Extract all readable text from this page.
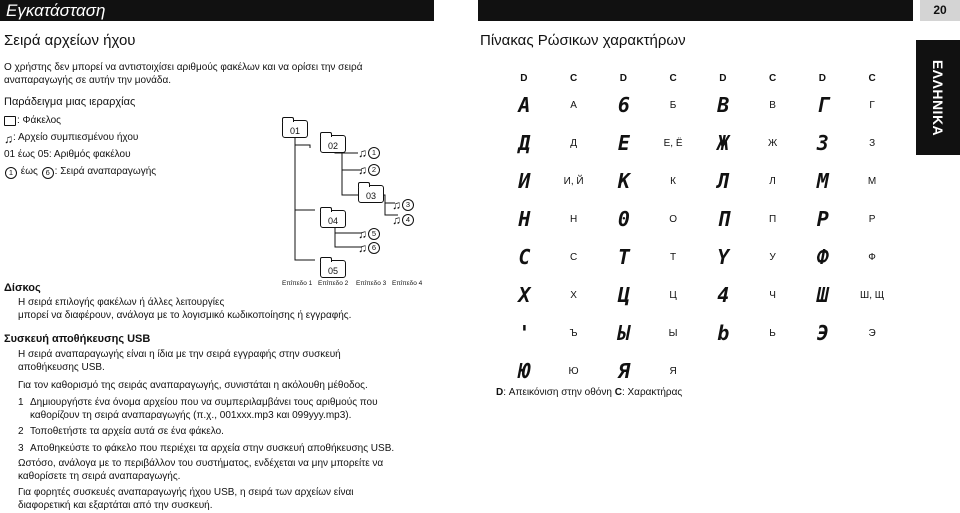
Εγκατάσταση	20
ΕΛΛΗΝΙΚΑ
Σειρά αρχείων ήχου
Ο χρήστης δεν μπορεί να αντιστοιχίσει αριθμούς φακέλων και να ορίσει την σειρά
αναπαραγωγής σε αυτήν την μονάδα.
Παράδειγμα μιας ιεραρχίας
: Φάκελος
♫ : Αρχείο συμπιεσμένου ήχου
01 έως 05: Αριθμός φακέλου
1 έως 6 : Σειρά αναπαραγωγής
01
02
03
04
05
♫ 1
♫ 2
♫ 3
♫ 4
♫ 5
♫ 6
Επίπεδο 1 Επίπεδο 2 Επίπεδο 3 Επίπεδο 4
Δίσκος
Η σειρά επιλογής φακέλων ή άλλες λειτουργίες
μπορεί να διαφέρουν, ανάλογα με το λογισμικό κωδικοποίησης ή εγγραφής.
Συσκευή αποθήκευσης USB
Η σειρά αναπαραγωγής είναι η ίδια με την σειρά εγγραφής στην συσκευή
αποθήκευσης USB.
Για τον καθορισμό της σειράς αναπαραγωγής, συνιστάται η ακόλουθη μέθοδος.
1 Δημιουργήστε ένα όνομα αρχείου που να συμπεριλαμβάνει τους αριθμούς που
καθορίζουν τη σειρά αναπαραγωγής (π.χ., 001xxx.mp3 και 099yyy.mp3).
2 Τοποθετήστε τα αρχεία αυτά σε ένα φάκελο.
3 Αποθηκεύστε το φάκελο που περιέχει τα αρχεία στην συσκευή αποθήκευσης USB.
Ωστόσο, ανάλογα με το περιβάλλον του συστήματος, ενδέχεται να μην μπορείτε να
καθορίσετε τη σειρά αναπαραγωγής.
Για φορητές συσκευές αναπαραγωγής ήχου USB, η σειρά των αρχείων είναι
διαφορετική και εξαρτάται από την συσκευή.
Πίνακας Ρώσικων χαρακτήρων
D	C	D	C	D	C	D	C
A	А	6	Б	B	В	Г	Г
Д	Д	E	Е, Ё	Ж	Ж	3	З
И	И, Й	K	К	Л	Л	M	М
H	Н	0	О	П	П	P	Р
C	С	T	Т	Y	У	Ф	Ф
X	Х	Ц	Ц	4	Ч	Ш	Ш, Щ
'	Ъ	Ы	Ы	b	Ь	Э	Э
Ю	Ю	Я	Я				
D: Απεικόνιση στην οθόνη C: Χαρακτήρας
